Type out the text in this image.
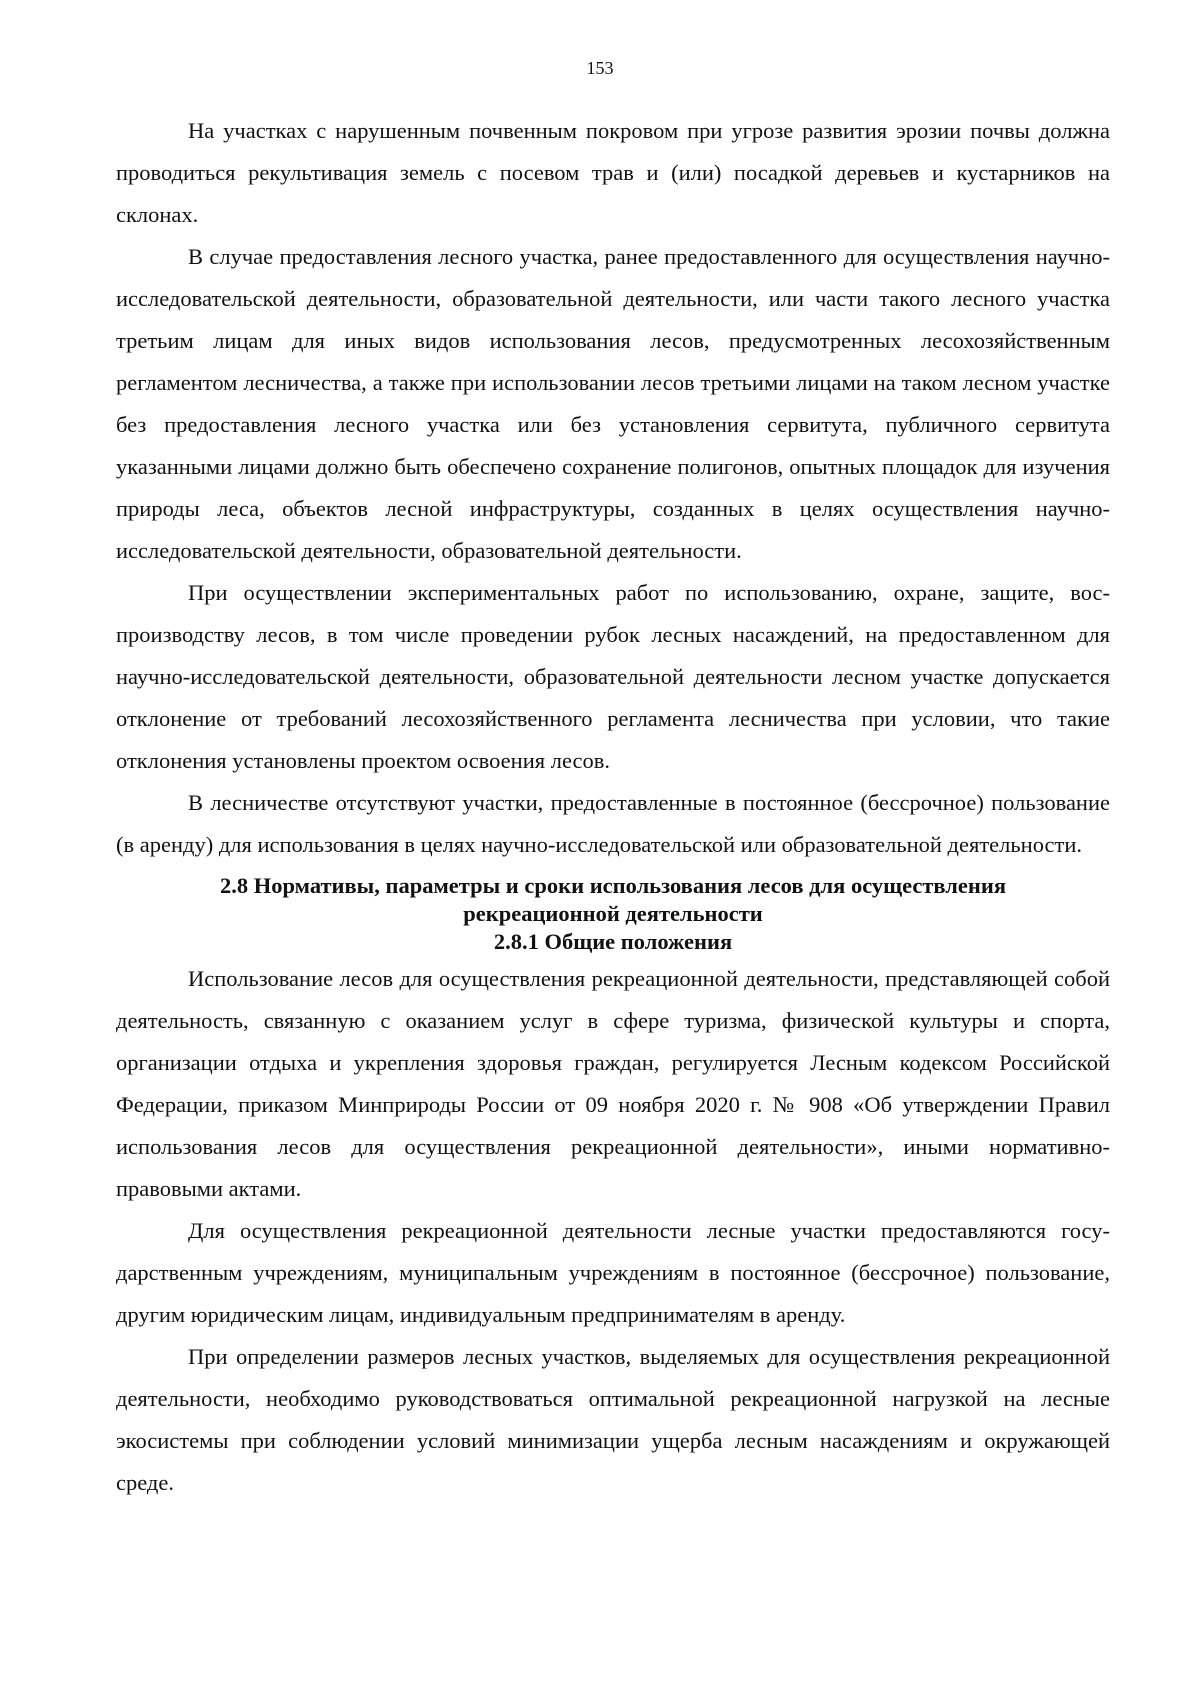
153

На участках с нарушенным почвенным покровом при угрозе развития эрозии почвы должна проводиться рекультивация земель с посевом трав и (или) посадкой деревьев и кустарников на склонах.

В случае предоставления лесного участка, ранее предоставленного для осуществления научно-исследовательской деятельности, образовательной деятельности, или части такого лесного участка третьим лицам для иных видов использования лесов, предусмотренных лесохозяйственным регламентом лесничества, а также при использовании лесов третьими лицами на таком лесном участке без предоставления лесного участка или без установления сервитута, публичного сервитута указанными лицами должно быть обеспечено сохранение полигонов, опытных площадок для изучения природы леса, объектов лесной инфраструктуры, созданных в целях осуществления научно-исследовательской деятельности, образовательной деятельности.

При осуществлении экспериментальных работ по использованию, охране, защите, воспроизводству лесов, в том числе проведении рубок лесных насаждений, на предоставленном для научно-исследовательской деятельности, образовательной деятельности лесном участке допускается отклонение от требований лесохозяйственного регламента лесничества при условии, что такие отклонения установлены проектом освоения лесов.

В лесничестве отсутствуют участки, предоставленные в постоянное (бессрочное) пользование (в аренду) для использования в целях научно-исследовательской или образовательной деятельности.

2.8 Нормативы, параметры и сроки использования лесов для осуществления

рекреационной деятельности

2.8.1 Общие положения

Использование лесов для осуществления рекреационной деятельности, представляющей собой деятельность, связанную с оказанием услуг в сфере туризма, физической культуры и спорта, организации отдыха и укрепления здоровья граждан, регулируется Лесным кодексом Российской Федерации, приказом Минприроды России от 09 ноября 2020 г. № 908 «Об утверждении Правил использования лесов для осуществления рекреационной деятельности», иными нормативно-правовыми актами.

Для осуществления рекреационной деятельности лесные участки предоставляются государственным учреждениям, муниципальным учреждениям в постоянное (бессрочное) пользование, другим юридическим лицам, индивидуальным предпринимателям в аренду.

При определении размеров лесных участков, выделяемых для осуществления рекреационной деятельности, необходимо руководствоваться оптимальной рекреационной нагрузкой на лесные экосистемы при соблюдении условий минимизации ущерба лесным насаждениям и окружающей среде.
